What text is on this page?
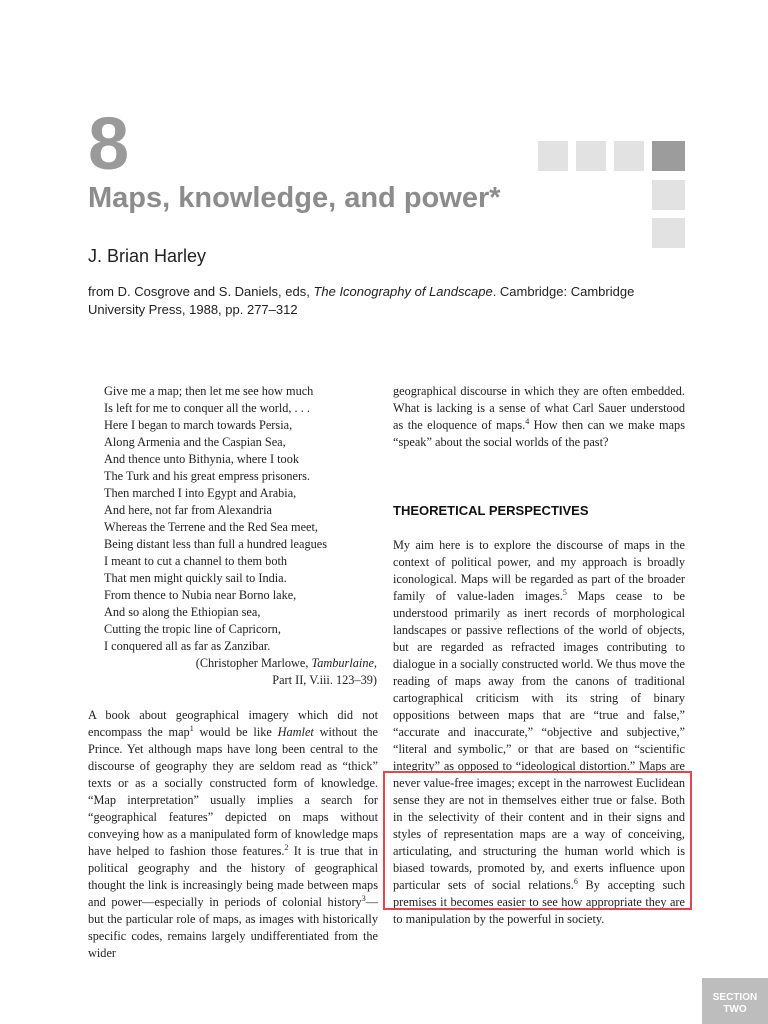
8
Maps, knowledge, and power*
J. Brian Harley
from D. Cosgrove and S. Daniels, eds, The Iconography of Landscape. Cambridge: Cambridge University Press, 1988, pp. 277–312
Give me a map; then let me see how much
Is left for me to conquer all the world, . . .
Here I began to march towards Persia,
Along Armenia and the Caspian Sea,
And thence unto Bithynia, where I took
The Turk and his great empress prisoners.
Then marched I into Egypt and Arabia,
And here, not far from Alexandria
Whereas the Terrene and the Red Sea meet,
Being distant less than full a hundred leagues
I meant to cut a channel to them both
That men might quickly sail to India.
From thence to Nubia near Borno lake,
And so along the Ethiopian sea,
Cutting the tropic line of Capricorn,
I conquered all as far as Zanzibar.
(Christopher Marlowe, Tamburlaine,
Part II, V.iii. 123–39)
A book about geographical imagery which did not encompass the map$^1$ would be like Hamlet without the Prince. Yet although maps have long been central to the discourse of geography they are seldom read as “thick” texts or as a socially constructed form of knowledge. “Map interpretation” usually implies a search for “geographical features” depicted on maps without conveying how as a manipulated form of knowledge maps have helped to fashion those features.$^2$ It is true that in political geography and the history of geographical thought the link is increasingly being made between maps and power—especially in periods of colonial history$^3$—but the particular role of maps, as images with historically specific codes, remains largely undifferentiated from the wider
geographical discourse in which they are often embedded. What is lacking is a sense of what Carl Sauer understood as the eloquence of maps.$^4$ How then can we make maps “speak” about the social worlds of the past?
THEORETICAL PERSPECTIVES
My aim here is to explore the discourse of maps in the context of political power, and my approach is broadly iconological. Maps will be regarded as part of the broader family of value-laden images.$^5$ Maps cease to be understood primarily as inert records of morphological landscapes or passive reflections of the world of objects, but are regarded as refracted images contributing to dialogue in a socially constructed world. We thus move the reading of maps away from the canons of traditional cartographical criticism with its string of binary oppositions between maps that are “true and false,” “accurate and inaccurate,” “objective and subjective,” “literal and symbolic,” or that are based on “scientific integrity” as opposed to “ideological distortion.” Maps are never value-free images; except in the narrowest Euclidean sense they are not in themselves either true or false. Both in the selectivity of their content and in their signs and styles of representation maps are a way of conceiving, articulating, and structuring the human world which is biased towards, promoted by, and exerts influence upon particular sets of social relations.$^6$ By accepting such premises it becomes easier to see how appropriate they are to manipulation by the powerful in society.
SECTION
TWO
